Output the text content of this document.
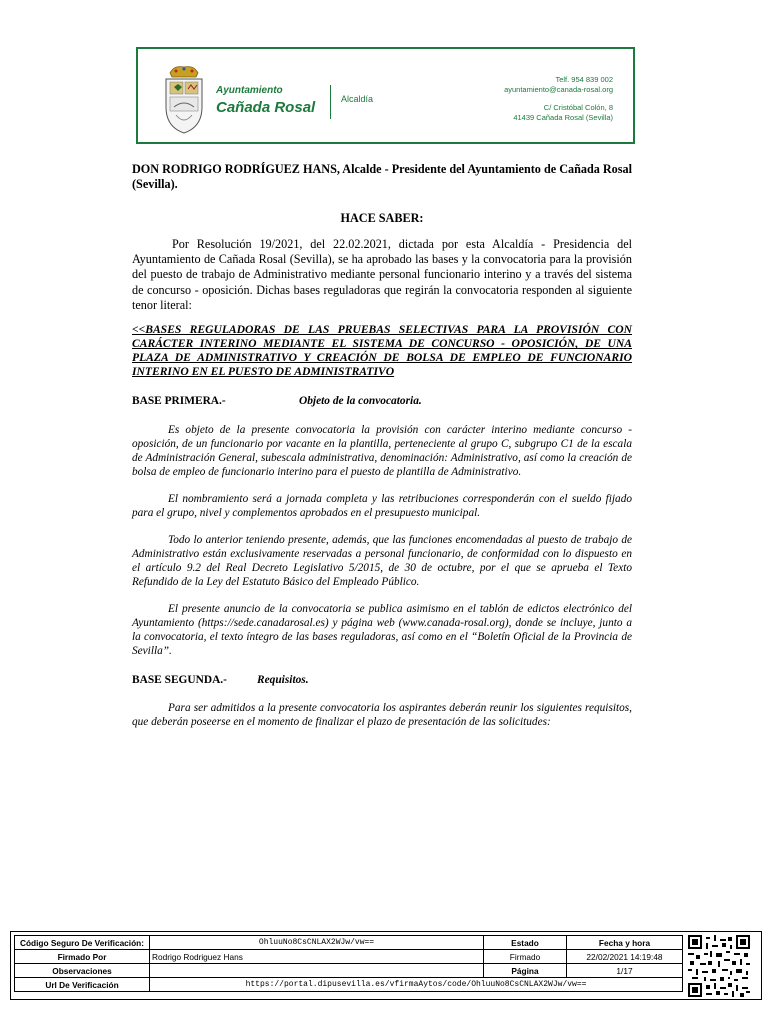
Ayuntamiento
Cañada Rosal	Alcaldía
Telf. 954 839 002
ayuntamiento@canada-rosal.org
C/ Cristóbal Colón, 8
41439 Cañada Rosal (Sevilla)

DON RODRIGO RODRÍGUEZ HANS, Alcalde - Presidente del Ayuntamiento de Cañada Rosal (Sevilla).

HACE SABER:

Por Resolución 19/2021, del 22.02.2021, dictada por esta Alcaldía - Presidencia del Ayuntamiento de Cañada Rosal (Sevilla), se ha aprobado las bases y la convocatoria para la provisión del puesto de trabajo de Administrativo mediante personal funcionario interino y a través del sistema de concurso - oposición. Dichas bases reguladoras que regirán la convocatoria responden al siguiente tenor literal:

<<BASES REGULADORAS DE LAS PRUEBAS SELECTIVAS PARA LA PROVISIÓN CON CARÁCTER INTERINO MEDIANTE EL SISTEMA DE CONCURSO - OPOSICIÓN, DE UNA PLAZA DE ADMINISTRATIVO Y CREACIÓN DE BOLSA DE EMPLEO DE FUNCIONARIO INTERINO EN EL PUESTO DE ADMINISTRATIVO

BASE PRIMERA.-	Objeto de la convocatoria.

Es objeto de la presente convocatoria la provisión con carácter interino mediante concurso - oposición, de un funcionario por vacante en la plantilla, perteneciente al grupo C, subgrupo C1 de la escala de Administración General, subescala administrativa, denominación: Administrativo, así como la creación de bolsa de empleo de funcionario interino para el puesto de plantilla de Administrativo.

El nombramiento será a jornada completa y las retribuciones corresponderán con el sueldo fijado para el grupo, nivel y complementos aprobados en el presupuesto municipal.

Todo lo anterior teniendo presente, además, que las funciones encomendadas al puesto de trabajo de Administrativo están exclusivamente reservadas a personal funcionario, de conformidad con lo dispuesto en el artículo 9.2 del Real Decreto Legislativo 5/2015, de 30 de octubre, por el que se aprueba el Texto Refundido de la Ley del Estatuto Básico del Empleado Público.

El presente anuncio de la convocatoria se publica asimismo en el tablón de edictos electrónico del Ayuntamiento (https://sede.canadarosal.es) y página web (www.canada-rosal.org), donde se incluye, junto a la convocatoria, el texto íntegro de las bases reguladoras, así como en el “Boletín Oficial de la Provincia de Sevilla”.

BASE SEGUNDA.-	Requisitos.

Para ser admitidos a la presente convocatoria los aspirantes deberán reunir los siguientes requisitos, que deberán poseerse en el momento de finalizar el plazo de presentación de las solicitudes:

Código Seguro De Verificación:	OhluuNo8CsCNLAX2WJw/vw==	Estado	Fecha y hora
Firmado Por	Rodrigo Rodriguez Hans	Firmado	22/02/2021 14:19:48
Observaciones		Página	1/17
Url De Verificación	https://portal.dipusevilla.es/vfirmaAytos/code/OhluuNo8CsCNLAX2WJw/vw==		
